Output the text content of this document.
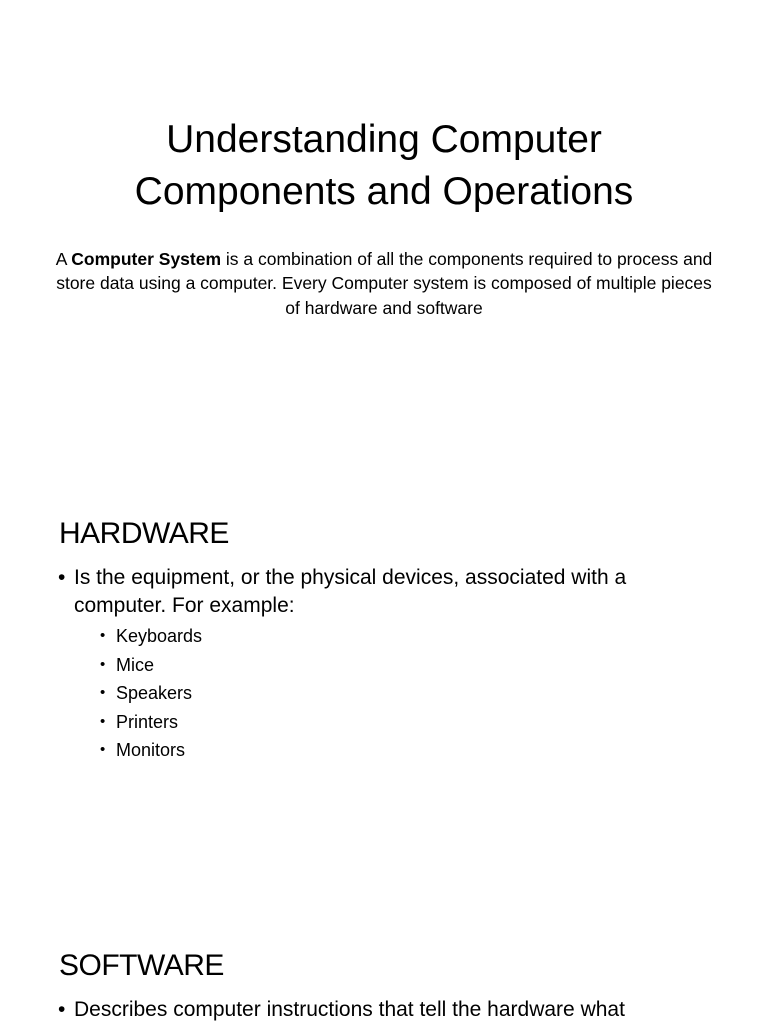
Understanding Computer
Components and Operations

A Computer System is a combination of all the components required to process and store data using a computer. Every Computer system is composed of multiple pieces of hardware and software

HARDWARE
• Is the equipment, or the physical devices, associated with a computer. For example:
• Keyboards
• Mice
• Speakers
• Printers
• Monitors
SOFTWARE
• Describes computer instructions that tell the hardware what
